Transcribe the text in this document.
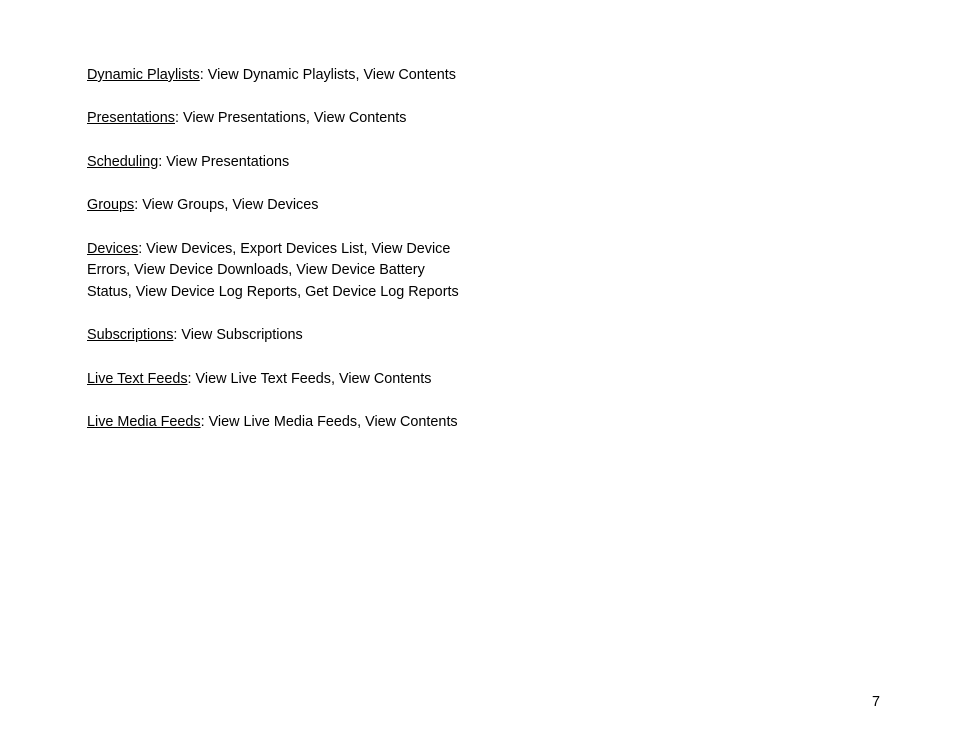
Dynamic Playlists: View Dynamic Playlists, View Contents

Presentations: View Presentations, View Contents

Scheduling: View Presentations

Groups: View Groups, View Devices

Devices: View Devices, Export Devices List, View Device Errors, View Device Downloads, View Device Battery Status, View Device Log Reports, Get Device Log Reports

Subscriptions: View Subscriptions

Live Text Feeds: View Live Text Feeds, View Contents

Live Media Feeds: View Live Media Feeds, View Contents

7
